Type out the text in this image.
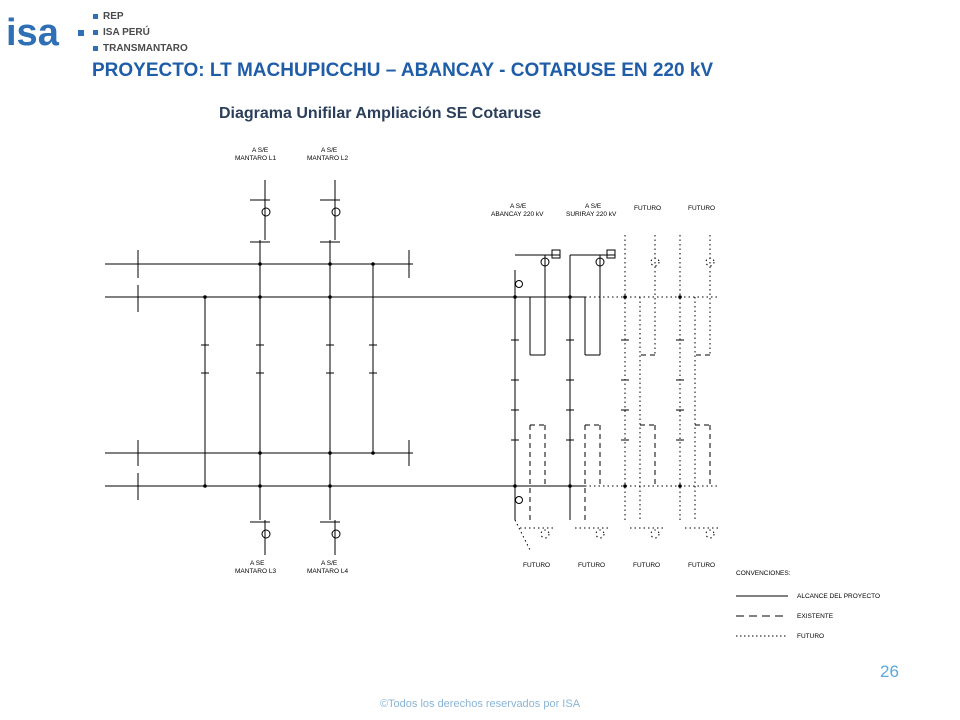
isa	REP
ISA PERÚ
TRANSMANTARO
PROYECTO: LT MACHUPICCHU – ABANCAY - COTARUSE EN 220 kV
Diagrama Unifilar Ampliación SE Cotaruse
A S/E
MANTARO L1
A S/E
MANTARO L2
A SE
MANTARO L3
A S/E
MANTARO L4
A S/E
ABANCAY 220 kV
A S/E
SURIRAY 220 kV
FUTURO	FUTURO
FUTURO	FUTURO	FUTURO	FUTURO
CONVENCIONES:
ALCANCE DEL PROYECTO
EXISTENTE
FUTURO
26
©Todos los derechos reservados por ISA
